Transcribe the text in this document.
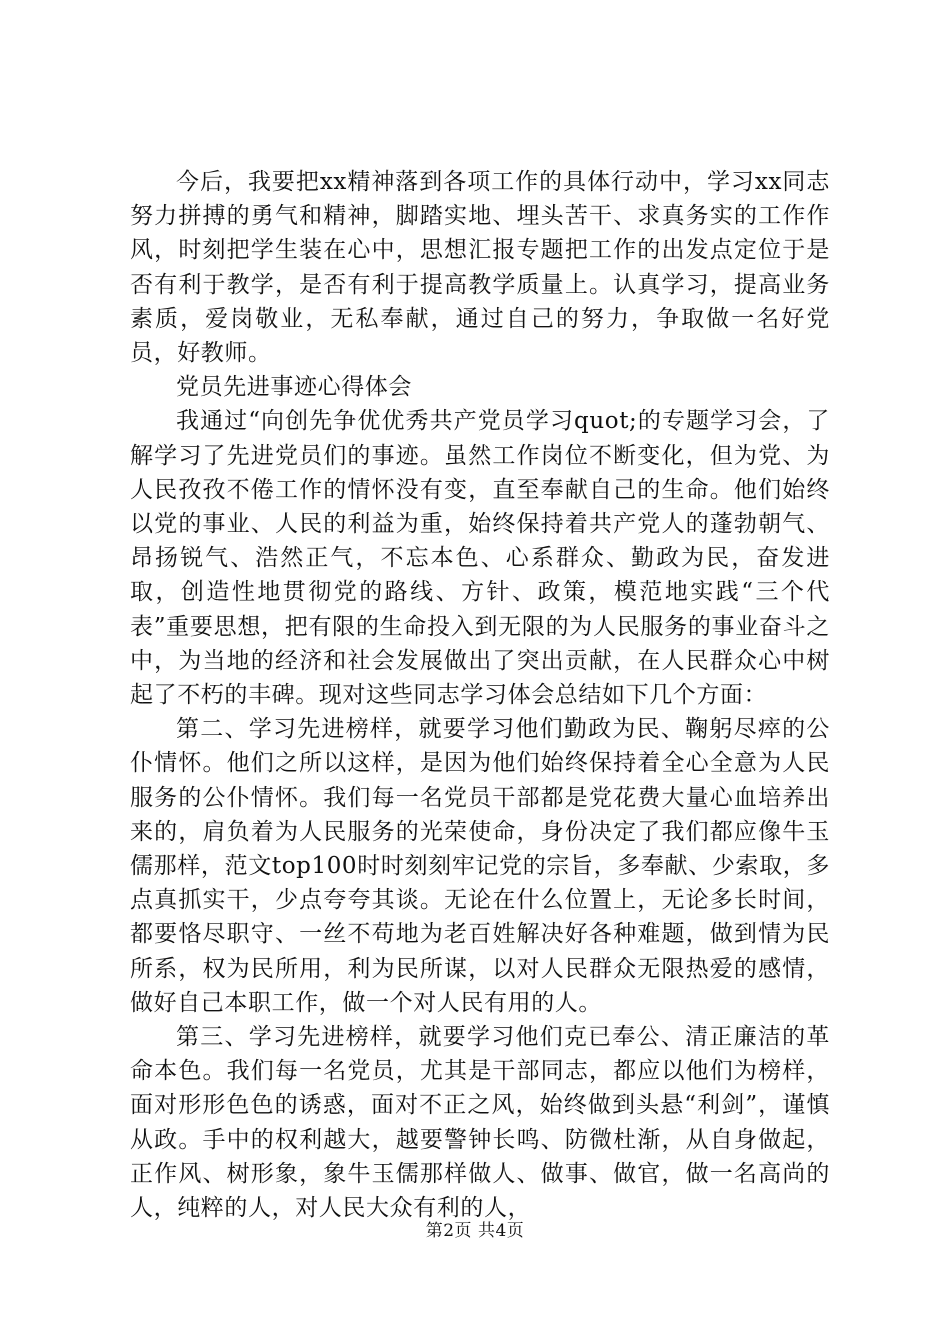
今后，我要把xx精神落到各项工作的具体行动中，学习xx同志努力拼搏的勇气和精神，脚踏实地、埋头苦干、求真务实的工作作风，时刻把学生装在心中，思想汇报专题把工作的出发点定位于是否有利于教学，是否有利于提高教学质量上。认真学习，提高业务素质，爱岗敬业，无私奉献，通过自己的努力，争取做一名好党员，好教师。

党员先进事迹心得体会

我通过“向创先争优优秀共产党员学习quot;的专题学习会，了解学习了先进党员们的事迹。虽然工作岗位不断变化，但为党、为人民孜孜不倦工作的情怀没有变，直至奉献自己的生命。他们始终以党的事业、人民的利益为重，始终保持着共产党人的蓬勃朝气、昂扬锐气、浩然正气，不忘本色、心系群众、勤政为民，奋发进取，创造性地贯彻党的路线、方针、政策，模范地实践“三个代表”重要思想，把有限的生命投入到无限的为人民服务的事业奋斗之中，为当地的经济和社会发展做出了突出贡献，在人民群众心中树起了不朽的丰碑。现对这些同志学习体会总结如下几个方面：

第二、学习先进榜样，就要学习他们勤政为民、鞠躬尽瘁的公仆情怀。他们之所以这样，是因为他们始终保持着全心全意为人民服务的公仆情怀。我们每一名党员干部都是党花费大量心血培养出来的，肩负着为人民服务的光荣使命，身份决定了我们都应像牛玉儒那样，范文top100时时刻刻牢记党的宗旨，多奉献、少索取，多点真抓实干，少点夸夸其谈。无论在什么位置上，无论多长时间，都要恪尽职守、一丝不苟地为老百姓解决好各种难题，做到情为民所系，权为民所用，利为民所谋，以对人民群众无限热爱的感情，做好自己本职工作，做一个对人民有用的人。

第三、学习先进榜样，就要学习他们克已奉公、清正廉洁的革命本色。我们每一名党员，尤其是干部同志，都应以他们为榜样，面对形形色色的诱惑，面对不正之风，始终做到头悬“利剑”，谨慎从政。手中的权利越大，越要警钟长鸣、防微杜渐，从自身做起，正作风、树形象，象牛玉儒那样做人、做事、做官，做一名高尚的人，纯粹的人，对人民大众有利的人，

第2页 共4页
